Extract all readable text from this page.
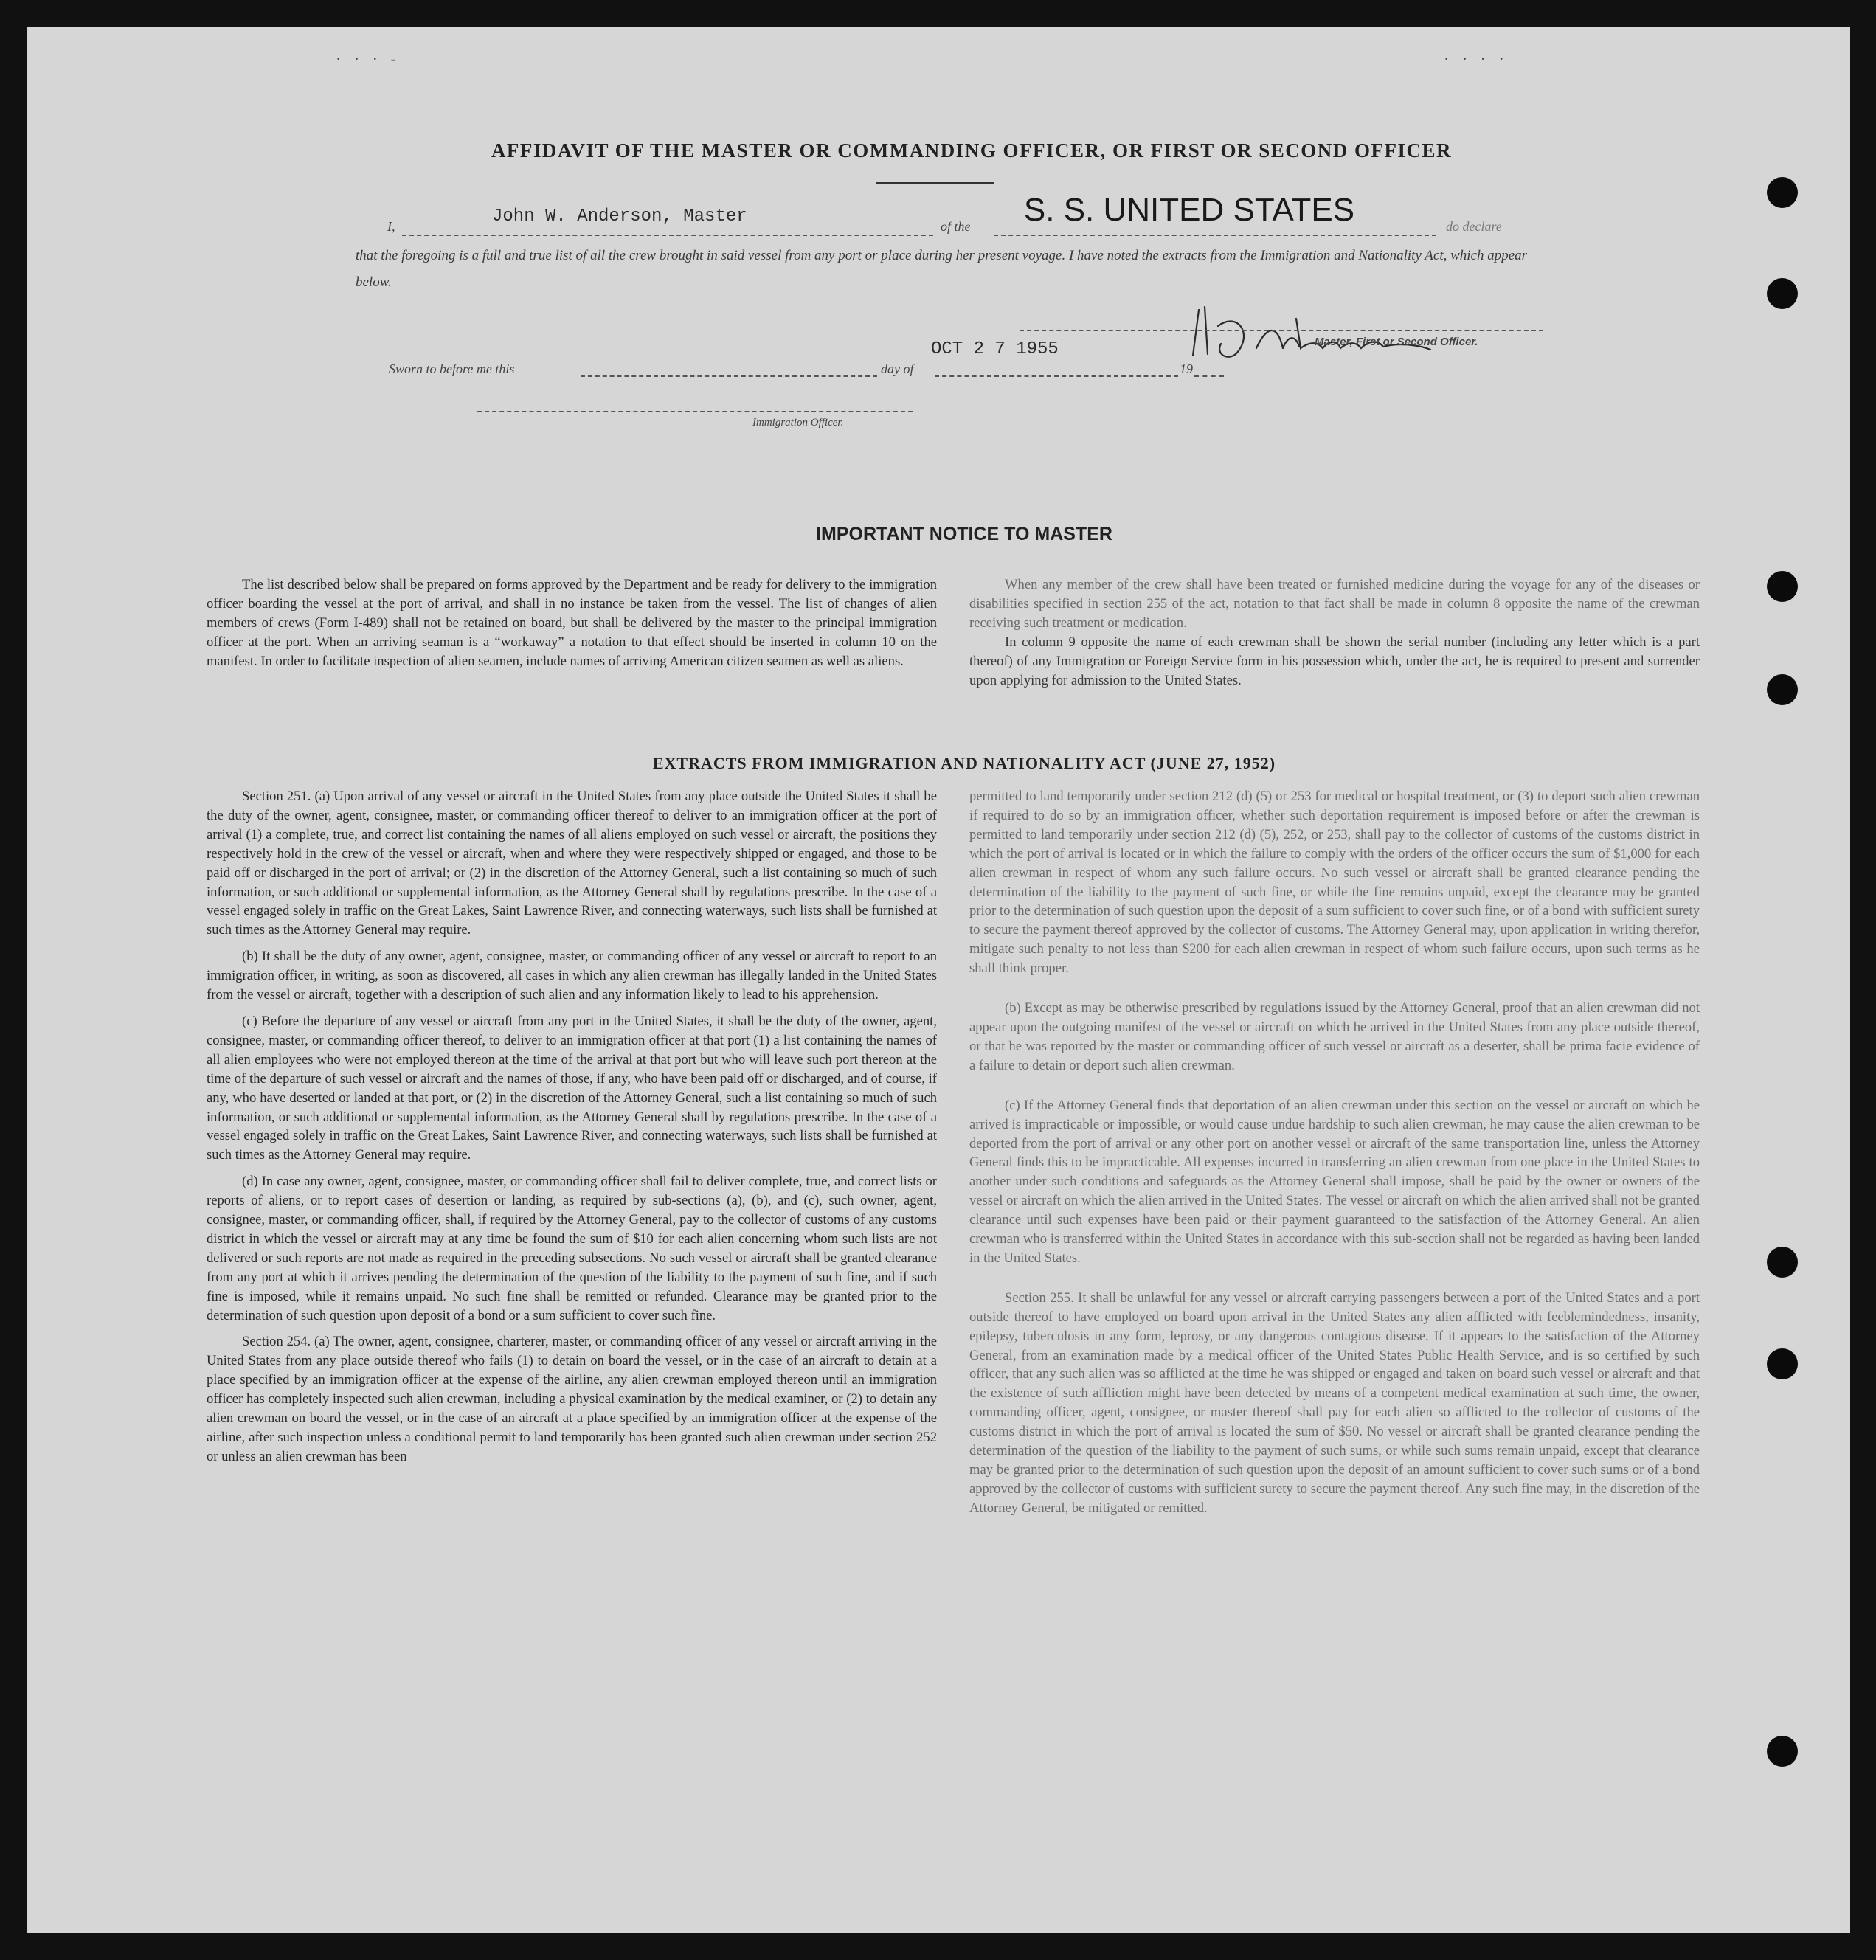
· · · -	· · · ·
AFFIDAVIT OF THE MASTER OR COMMANDING OFFICER, OR FIRST OR SECOND OFFICER
I,	John W. Anderson, Master	of the S. S. UNITED STATES	do declare
that the foregoing is a full and true list of all the crew brought in said vessel from any port or place during her present voyage. I have noted the extracts from the Immigration and Nationality Act, which appear below.
Master, First or Second Officer.
Sworn to before me this	day of
OCT 2 7 1955
19
Immigration Officer.
IMPORTANT NOTICE TO MASTER

The list described below shall be prepared on forms approved by the Department and be ready for delivery to the immigration officer boarding the vessel at the port of arrival, and shall in no instance be taken from the vessel. The list of changes of alien members of crews (Form I-489) shall not be retained on board, but shall be delivered by the master to the principal immigration officer at the port. When an arriving seaman is a “workaway” a notation to that effect should be inserted in column 10 on the manifest. In order to facilitate inspection of alien seamen, include names of arriving American citizen seamen as well as aliens.

When any member of the crew shall have been treated or furnished medicine during the voyage for any of the diseases or disabilities specified in section 255 of the act, notation to that fact shall be made in column 8 opposite the name of the crewman receiving such treatment or medication.

In column 9 opposite the name of each crewman shall be shown the serial number (including any letter which is a part thereof) of any Immigration or Foreign Service form in his possession which, under the act, he is required to present and surrender upon applying for admission to the United States.

EXTRACTS FROM IMMIGRATION AND NATIONALITY ACT (JUNE 27, 1952)

Section 251. (a) Upon arrival of any vessel or aircraft in the United States from any place outside the United States it shall be the duty of the owner, agent, consignee, master, or commanding officer thereof to deliver to an immigration officer at the port of arrival (1) a complete, true, and correct list containing the names of all aliens employed on such vessel or aircraft, the positions they respectively hold in the crew of the vessel or aircraft, when and where they were respectively shipped or engaged, and those to be paid off or discharged in the port of arrival; or (2) in the discretion of the Attorney General, such a list containing so much of such information, or such additional or supplemental information, as the Attorney General shall by regulations prescribe. In the case of a vessel engaged solely in traffic on the Great Lakes, Saint Lawrence River, and connecting waterways, such lists shall be furnished at such times as the Attorney General may require.

(b) It shall be the duty of any owner, agent, consignee, master, or commanding officer of any vessel or aircraft to report to an immigration officer, in writing, as soon as discovered, all cases in which any alien crewman has illegally landed in the United States from the vessel or aircraft, together with a description of such alien and any information likely to lead to his apprehension.

(c) Before the departure of any vessel or aircraft from any port in the United States, it shall be the duty of the owner, agent, consignee, master, or commanding officer thereof, to deliver to an immigration officer at that port (1) a list containing the names of all alien employees who were not employed thereon at the time of the arrival at that port but who will leave such port thereon at the time of the departure of such vessel or aircraft and the names of those, if any, who have been paid off or discharged, and of course, if any, who have deserted or landed at that port, or (2) in the discretion of the Attorney General, such a list containing so much of such information, or such additional or supplemental information, as the Attorney General shall by regulations prescribe. In the case of a vessel engaged solely in traffic on the Great Lakes, Saint Lawrence River, and connecting waterways, such lists shall be furnished at such times as the Attorney General may require.

(d) In case any owner, agent, consignee, master, or commanding officer shall fail to deliver complete, true, and correct lists or reports of aliens, or to report cases of desertion or landing, as required by sub-sections (a), (b), and (c), such owner, agent, consignee, master, or commanding officer, shall, if required by the Attorney General, pay to the collector of customs of any customs district in which the vessel or aircraft may at any time be found the sum of $10 for each alien concerning whom such lists are not delivered or such reports are not made as required in the preceding subsections. No such vessel or aircraft shall be granted clearance from any port at which it arrives pending the determination of the question of the liability to the payment of such fine, and if such fine is imposed, while it remains unpaid. No such fine shall be remitted or refunded. Clearance may be granted prior to the determination of such question upon deposit of a bond or a sum sufficient to cover such fine.

Section 254. (a) The owner, agent, consignee, charterer, master, or commanding officer of any vessel or aircraft arriving in the United States from any place outside thereof who fails (1) to detain on board the vessel, or in the case of an aircraft to detain at a place specified by an immigration officer at the expense of the airline, any alien crewman employed thereon until an immigration officer has completely inspected such alien crewman, including a physical examination by the medical examiner, or (2) to detain any alien crewman on board the vessel, or in the case of an aircraft at a place specified by an immigration officer at the expense of the airline, after such inspection unless a conditional permit to land temporarily has been granted such alien crewman under section 252 or unless an alien crewman has been

permitted to land temporarily under section 212 (d) (5) or 253 for medical or hospital treatment, or (3) to deport such alien crewman if required to do so by an immigration officer, whether such deportation requirement is imposed before or after the crewman is permitted to land temporarily under section 212 (d) (5), 252, or 253, shall pay to the collector of customs of the customs district in which the port of arrival is located or in which the failure to comply with the orders of the officer occurs the sum of $1,000 for each alien crewman in respect of whom any such failure occurs. No such vessel or aircraft shall be granted clearance pending the determination of the liability to the payment of such fine, or while the fine remains unpaid, except the clearance may be granted prior to the determination of such question upon the deposit of a sum sufficient to cover such fine, or of a bond with sufficient surety to secure the payment thereof approved by the collector of customs. The Attorney General may, upon application in writing therefor, mitigate such penalty to not less than $200 for each alien crewman in respect of whom such failure occurs, upon such terms as he shall think proper.

(b) Except as may be otherwise prescribed by regulations issued by the Attorney General, proof that an alien crewman did not appear upon the outgoing manifest of the vessel or aircraft on which he arrived in the United States from any place outside thereof, or that he was reported by the master or commanding officer of such vessel or aircraft as a deserter, shall be prima facie evidence of a failure to detain or deport such alien crewman.

(c) If the Attorney General finds that deportation of an alien crewman under this section on the vessel or aircraft on which he arrived is impracticable or impossible, or would cause undue hardship to such alien crewman, he may cause the alien crewman to be deported from the port of arrival or any other port on another vessel or aircraft of the same transportation line, unless the Attorney General finds this to be impracticable. All expenses incurred in transferring an alien crewman from one place in the United States to another under such conditions and safeguards as the Attorney General shall impose, shall be paid by the owner or owners of the vessel or aircraft on which the alien arrived in the United States. The vessel or aircraft on which the alien arrived shall not be granted clearance until such expenses have been paid or their payment guaranteed to the satisfaction of the Attorney General. An alien crewman who is transferred within the United States in accordance with this sub-section shall not be regarded as having been landed in the United States.

Section 255. It shall be unlawful for any vessel or aircraft carrying passengers between a port of the United States and a port outside thereof to have employed on board upon arrival in the United States any alien afflicted with feeblemindedness, insanity, epilepsy, tuberculosis in any form, leprosy, or any dangerous contagious disease. If it appears to the satisfaction of the Attorney General, from an examination made by a medical officer of the United States Public Health Service, and is so certified by such officer, that any such alien was so afflicted at the time he was shipped or engaged and taken on board such vessel or aircraft and that the existence of such affliction might have been detected by means of a competent medical examination at such time, the owner, commanding officer, agent, consignee, or master thereof shall pay for each alien so afflicted to the collector of customs of the customs district in which the port of arrival is located the sum of $50. No vessel or aircraft shall be granted clearance pending the determination of the question of the liability to the payment of such sums, or while such sums remain unpaid, except that clearance may be granted prior to the determination of such question upon the deposit of an amount sufficient to cover such sums or of a bond approved by the collector of customs with sufficient surety to secure the payment thereof. Any such fine may, in the discretion of the Attorney General, be mitigated or remitted.
